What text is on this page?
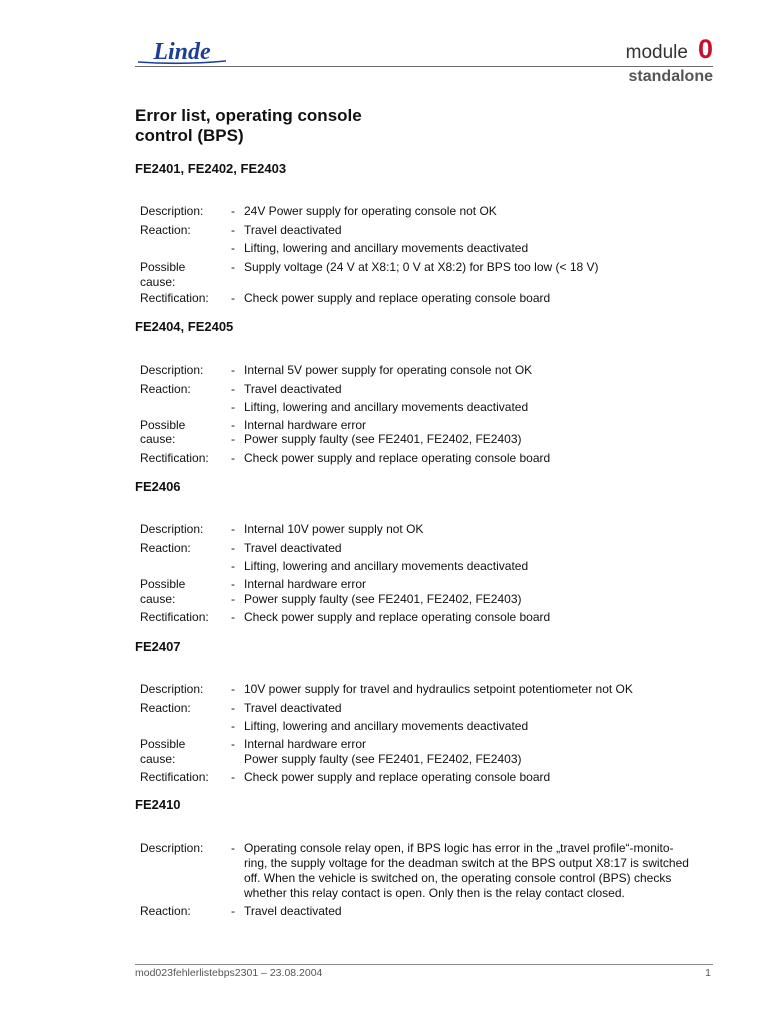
Linde	module 0
standalone
Error list, operating console
control (BPS)
FE2401, FE2402, FE2403
Description:	- 24V Power supply for operating console not OK
Reaction:	- Travel deactivated
- Lifting, lowering and ancillary movements deactivated
Possible	- Supply voltage (24 V at X8:1; 0 V at X8:2) for BPS too low (< 18 V)
cause:
Rectification:	- Check power supply and replace operating console board
FE2404, FE2405
Description:	- Internal 5V power supply for operating console not OK
Reaction:	- Travel deactivated
- Lifting, lowering and ancillary movements deactivated
Possible	- Internal hardware error
cause:	- Power supply faulty (see FE2401, FE2402, FE2403)
Rectification:	- Check power supply and replace operating console board
FE2406
Description:	- Internal 10V power supply not OK
Reaction:	- Travel deactivated
- Lifting, lowering and ancillary movements deactivated
Possible	- Internal hardware error
cause:	- Power supply faulty (see FE2401, FE2402, FE2403)
Rectification:	- Check power supply and replace operating console board
FE2407
Description:	- 10V power supply for travel and hydraulics setpoint potentiometer not OK
Reaction:	- Travel deactivated
- Lifting, lowering and ancillary movements deactivated
Possible	- Internal hardware error
cause:	Power supply faulty (see FE2401, FE2402, FE2403)
Rectification:	- Check power supply and replace operating console board
FE2410
Description:	- Operating console relay open, if BPS logic has error in the „travel profile“-monito-
ring, the supply voltage for the deadman switch at the BPS output X8:17 is switched
off. When the vehicle is switched on, the operating console control (BPS) checks
whether this relay contact is open. Only then is the relay contact closed.
Reaction:	- Travel deactivated
mod023fehlerlistebps2301 – 23.08.2004	1
